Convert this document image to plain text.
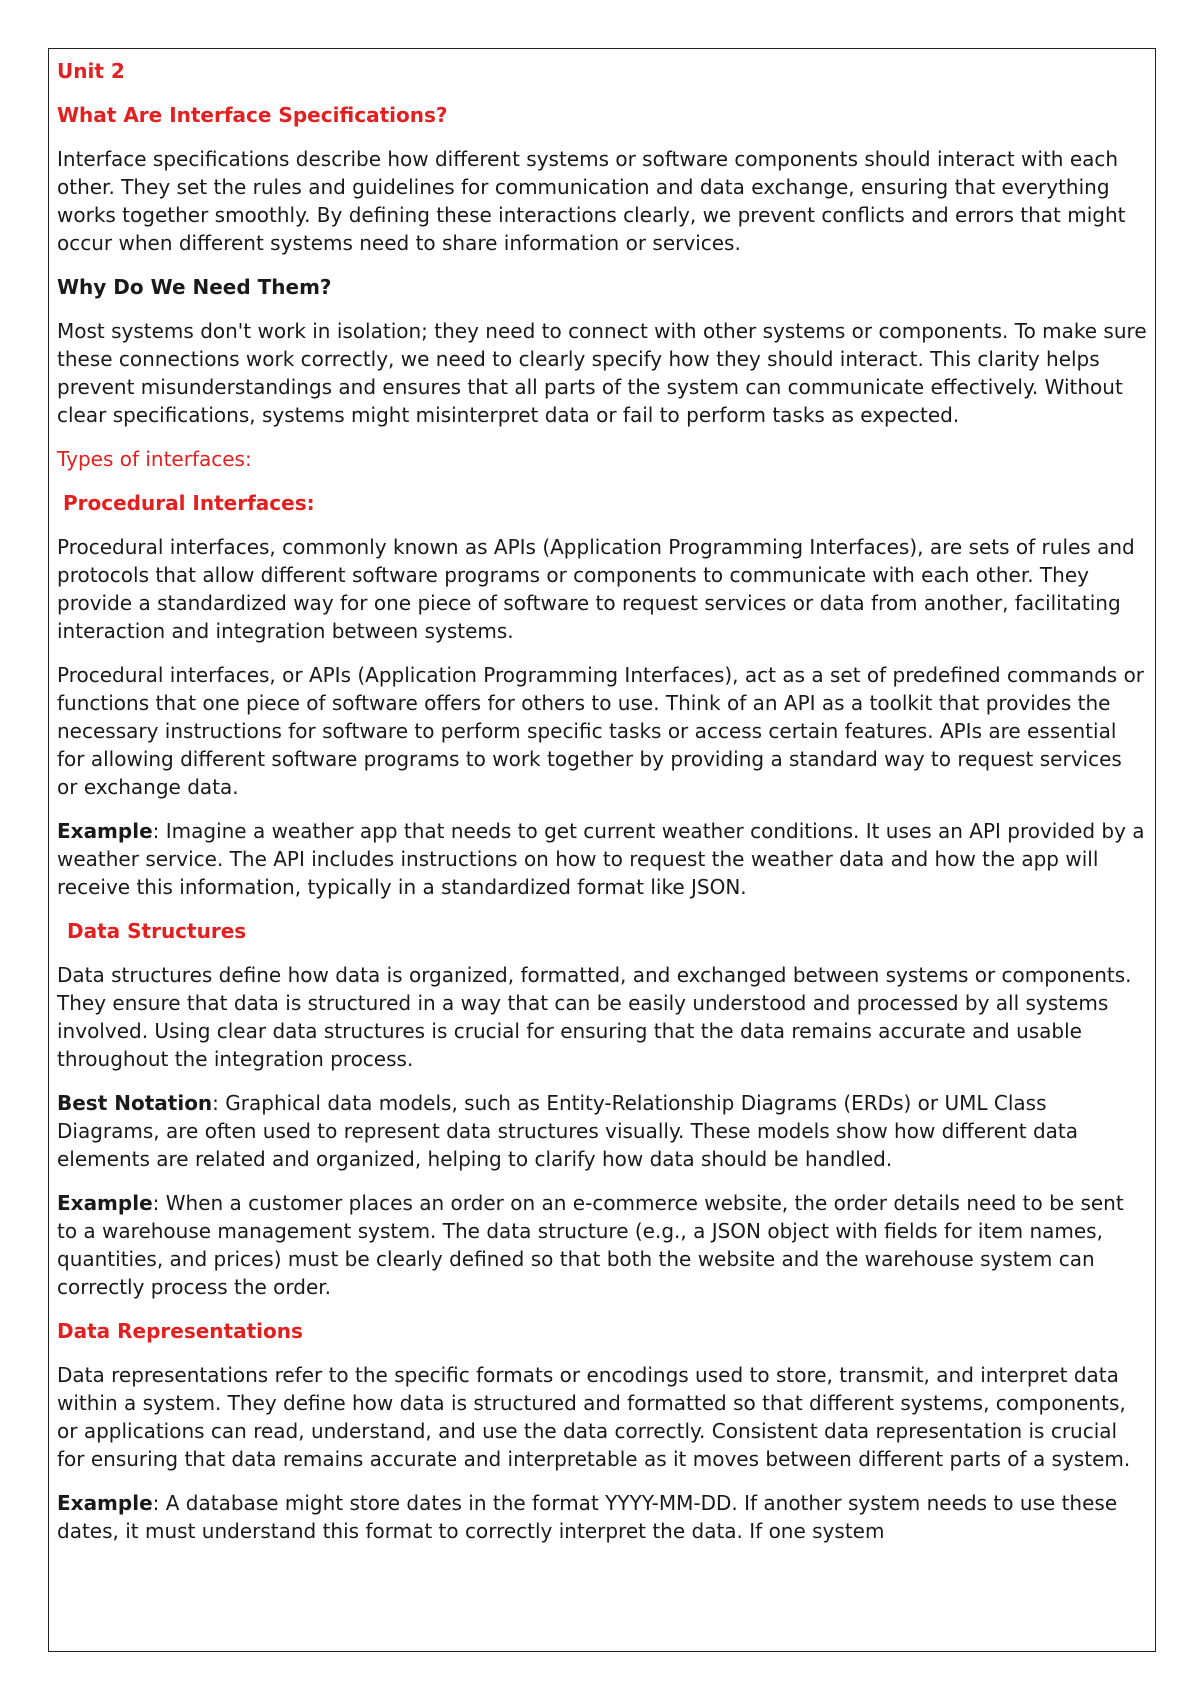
Unit 2
What Are Interface Specifications?

Interface specifications describe how different systems or software components should interact with each other. They set the rules and guidelines for communication and data exchange, ensuring that everything works together smoothly. By defining these interactions clearly, we prevent conflicts and errors that might occur when different systems need to share information or services.

Why Do We Need Them?

Most systems don't work in isolation; they need to connect with other systems or components. To make sure these connections work correctly, we need to clearly specify how they should interact. This clarity helps prevent misunderstandings and ensures that all parts of the system can communicate effectively. Without clear specifications, systems might misinterpret data or fail to perform tasks as expected.

Types of interfaces:
Procedural Interfaces:

Procedural interfaces, commonly known as APIs (Application Programming Interfaces), are sets of rules and protocols that allow different software programs or components to communicate with each other. They provide a standardized way for one piece of software to request services or data from another, facilitating interaction and integration between systems.

Procedural interfaces, or APIs (Application Programming Interfaces), act as a set of predefined commands or functions that one piece of software offers for others to use. Think of an API as a toolkit that provides the necessary instructions for software to perform specific tasks or access certain features. APIs are essential for allowing different software programs to work together by providing a standard way to request services or exchange data.

Example: Imagine a weather app that needs to get current weather conditions. It uses an API provided by a weather service. The API includes instructions on how to request the weather data and how the app will receive this information, typically in a standardized format like JSON.

Data Structures

Data structures define how data is organized, formatted, and exchanged between systems or components. They ensure that data is structured in a way that can be easily understood and processed by all systems involved. Using clear data structures is crucial for ensuring that the data remains accurate and usable throughout the integration process.

Best Notation: Graphical data models, such as Entity-Relationship Diagrams (ERDs) or UML Class Diagrams, are often used to represent data structures visually. These models show how different data elements are related and organized, helping to clarify how data should be handled.

Example: When a customer places an order on an e-commerce website, the order details need to be sent to a warehouse management system. The data structure (e.g., a JSON object with fields for item names, quantities, and prices) must be clearly defined so that both the website and the warehouse system can correctly process the order.

Data Representations

Data representations refer to the specific formats or encodings used to store, transmit, and interpret data within a system. They define how data is structured and formatted so that different systems, components, or applications can read, understand, and use the data correctly. Consistent data representation is crucial for ensuring that data remains accurate and interpretable as it moves between different parts of a system.

Example: A database might store dates in the format YYYY-MM-DD. If another system needs to use these dates, it must understand this format to correctly interpret the data. If one system
